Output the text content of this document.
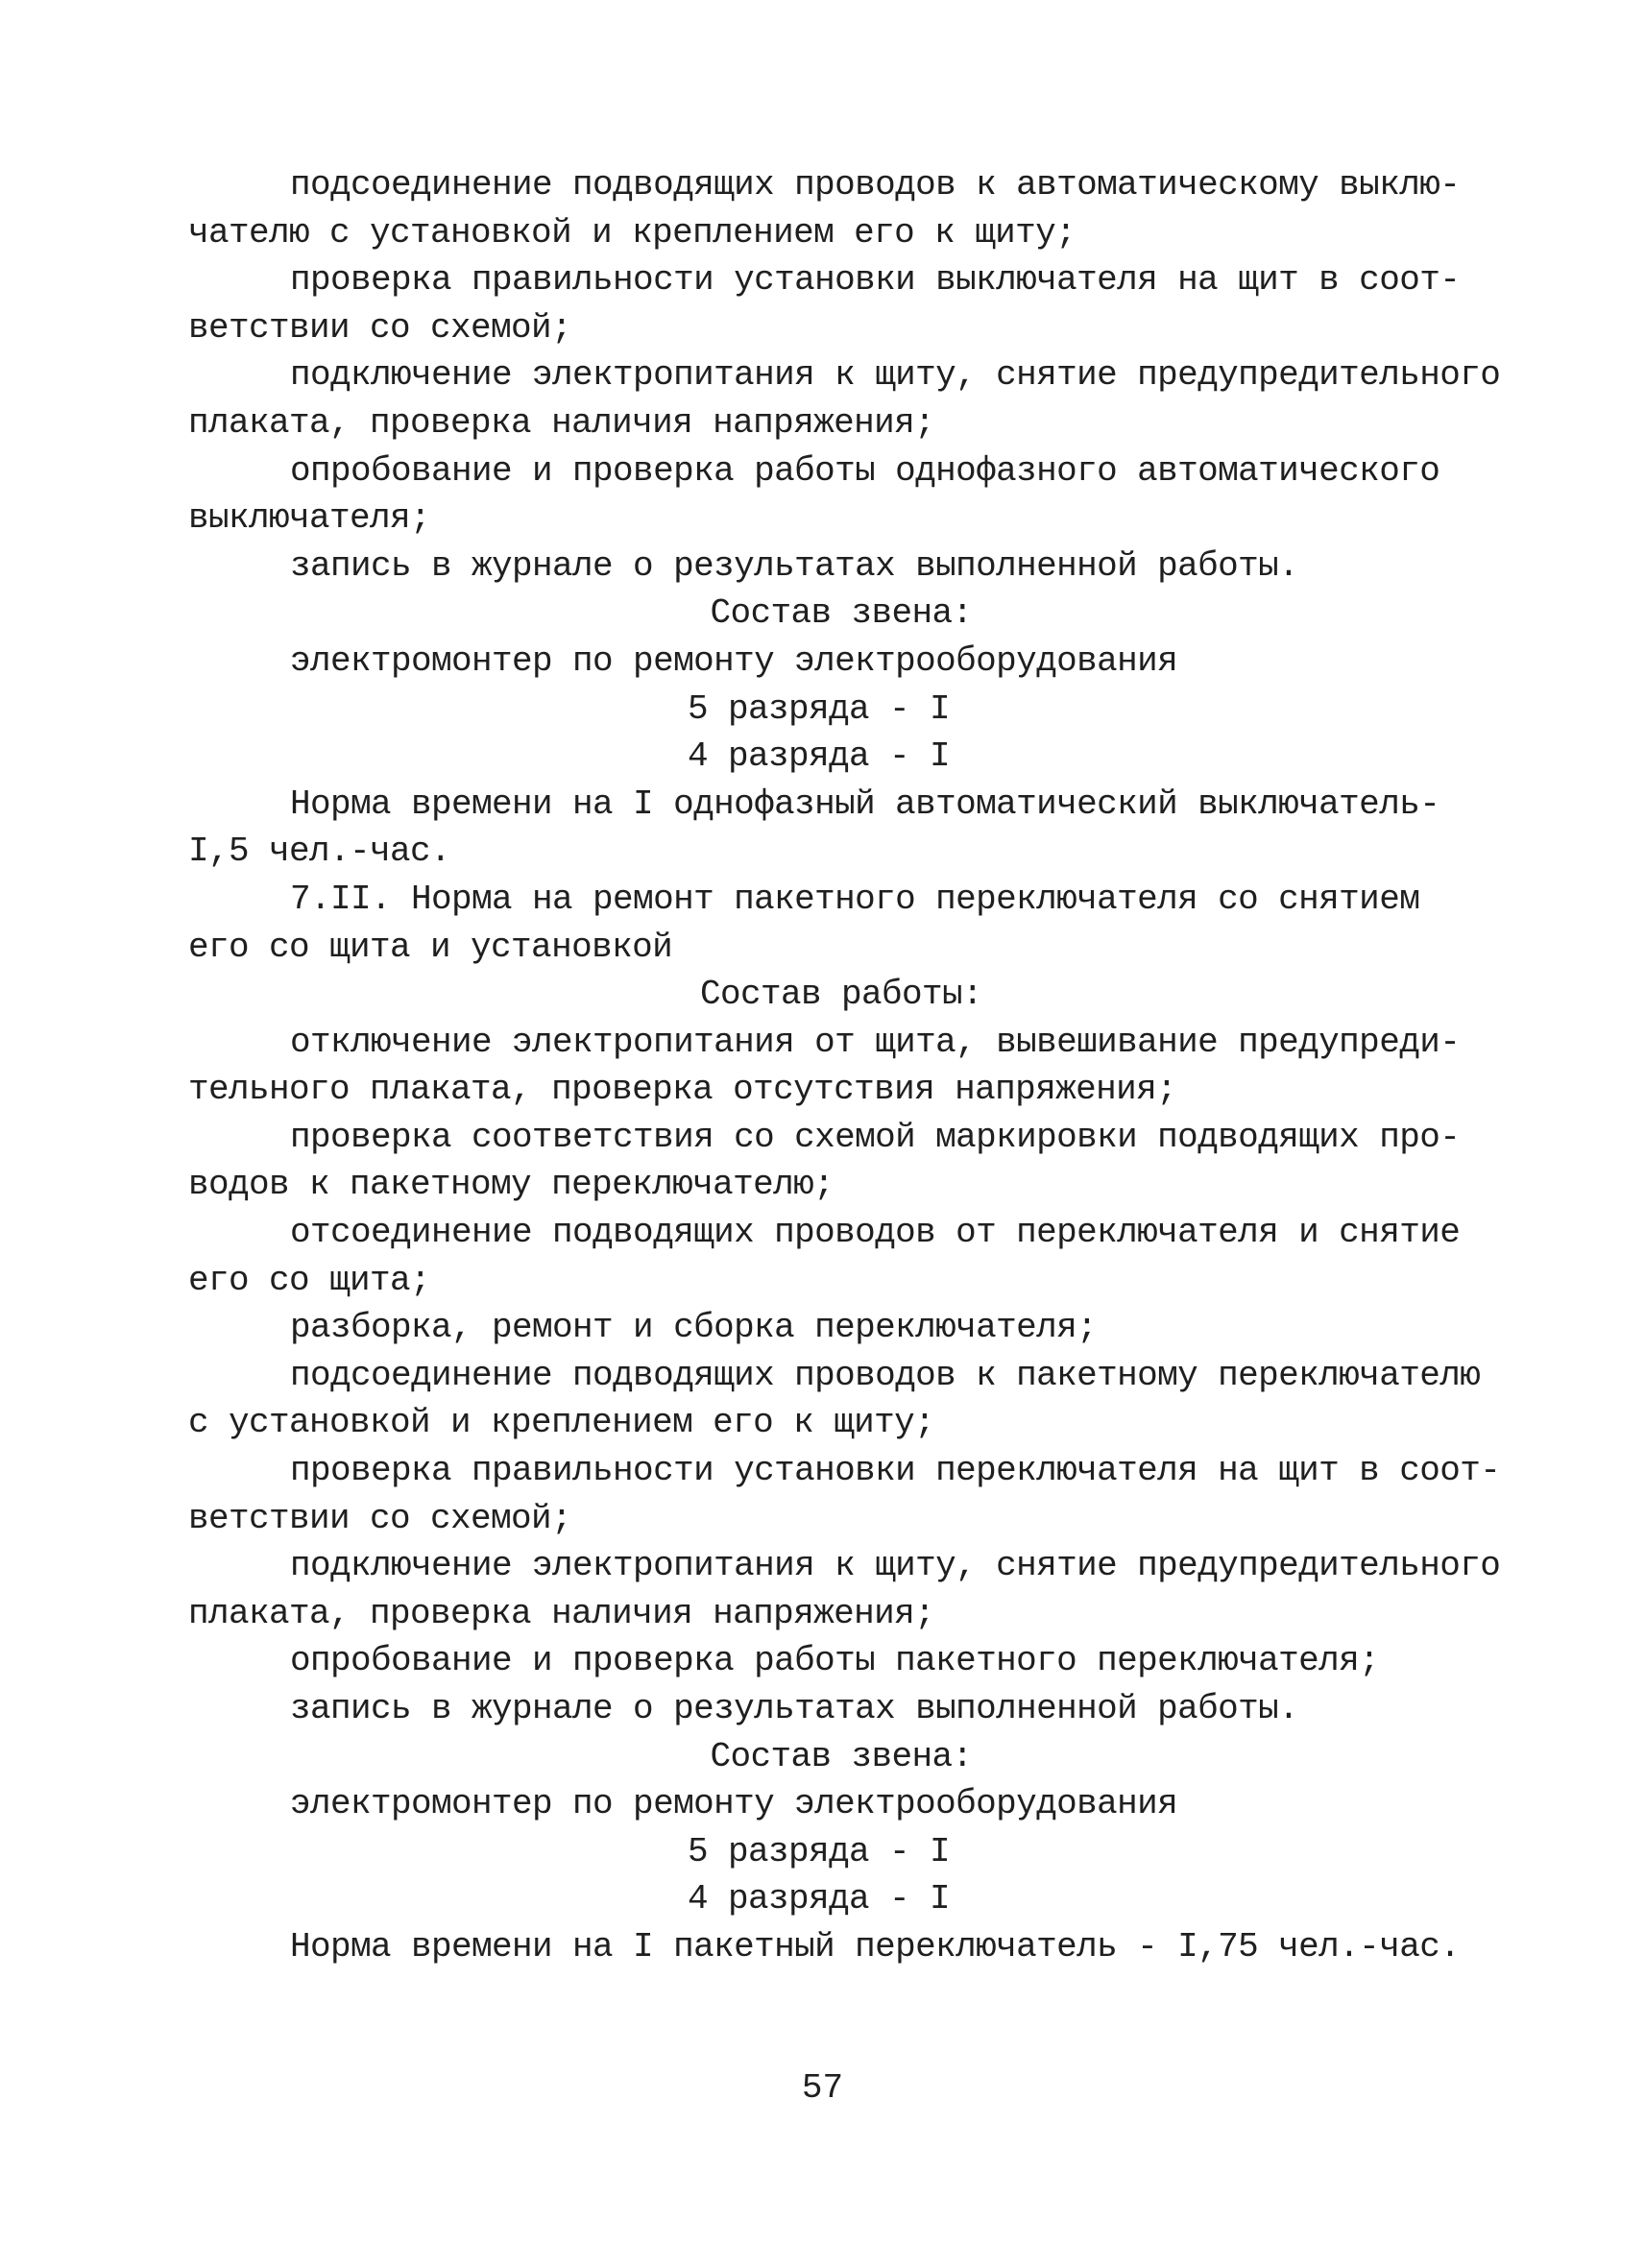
подсоединение подводящих проводов к автоматическому выклю-
чателю с установкой и креплением его к щиту;
проверка правильности установки выключателя на щит в соот-
ветствии со схемой;
подключение электропитания к щиту, снятие предупредительного
плаката, проверка наличия напряжения;
опробование и проверка работы однофазного автоматического
выключателя;
запись в журнале о результатах выполненной работы.
Состав звена:
электромонтер по ремонту электрооборудования
5 разряда - I
4 разряда - I
Норма времени на I однофазный автоматический выключатель-
I,5 чел.-час.
7.II. Норма на ремонт пакетного переключателя со снятием
его со щита и установкой
Состав работы:
отключение электропитания от щита, вывешивание предупреди-
тельного плаката, проверка отсутствия напряжения;
проверка соответствия со схемой маркировки подводящих про-
водов к пакетному переключателю;
отсоединение подводящих проводов от переключателя и снятие
его со щита;
разборка, ремонт и сборка переключателя;
подсоединение подводящих проводов к пакетному переключателю
с установкой и креплением его к щиту;
проверка правильности установки переключателя на щит в соот-
ветствии со схемой;
подключение электропитания к щиту, снятие предупредительного
плаката, проверка наличия напряжения;
опробование и проверка работы пакетного переключателя;
запись в журнале о результатах выполненной работы.
Состав звена:
электромонтер по ремонту электрооборудования
5 разряда - I
4 разряда - I
Норма времени на I пакетный переключатель - I,75 чел.-час.
57
